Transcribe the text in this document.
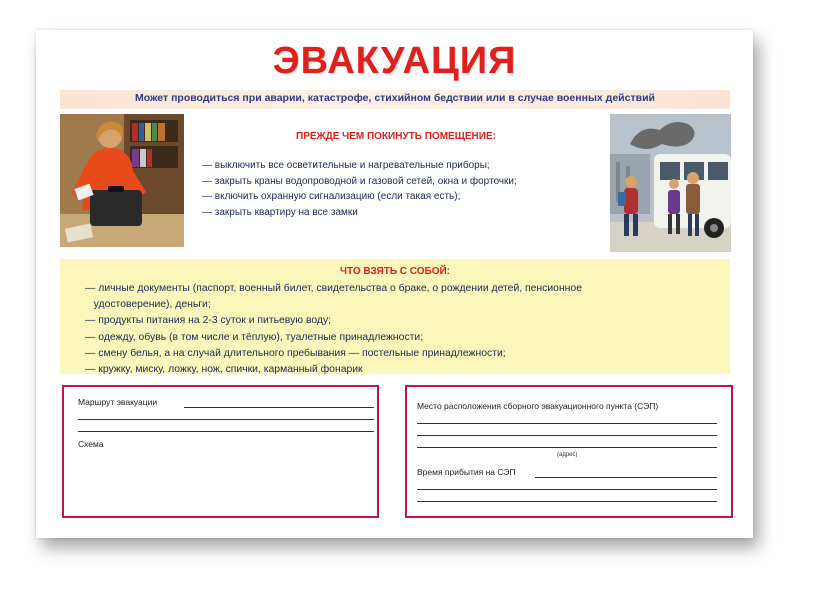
ЭВАКУАЦИЯ
Может проводиться при аварии, катастрофе, стихийном бедствии или в случае военных действий
ПРЕЖДЕ ЧЕМ ПОКИНУТЬ ПОМЕЩЕНИЕ:
— выключить все осветительные и нагревательные приборы;
— закрыть краны водопроводной и газовой сетей, окна и форточки;
— включить охранную сигнализацию (если такая есть);
— закрыть квартиру на все замки
ЧТО ВЗЯТЬ С СОБОЙ:
— личные документы (паспорт, военный билет, свидетельства о браке, о рождении детей, пенсионное
удостоверение), деньги;
— продукты питания на 2-3 суток и питьевую воду;
— одежду, обувь (в том числе и тёплую), туалетные принадлежности;
— смену белья, а на случай длительного пребывания — постельные принадлежности;
— кружку, миску, ложку, нож, спички, карманный фонарик
Маршрут эвакуации
Схема
Место расположения сборного эвакуационного пункта (СЭП)
(адрес)
Время прибытия на СЭП
